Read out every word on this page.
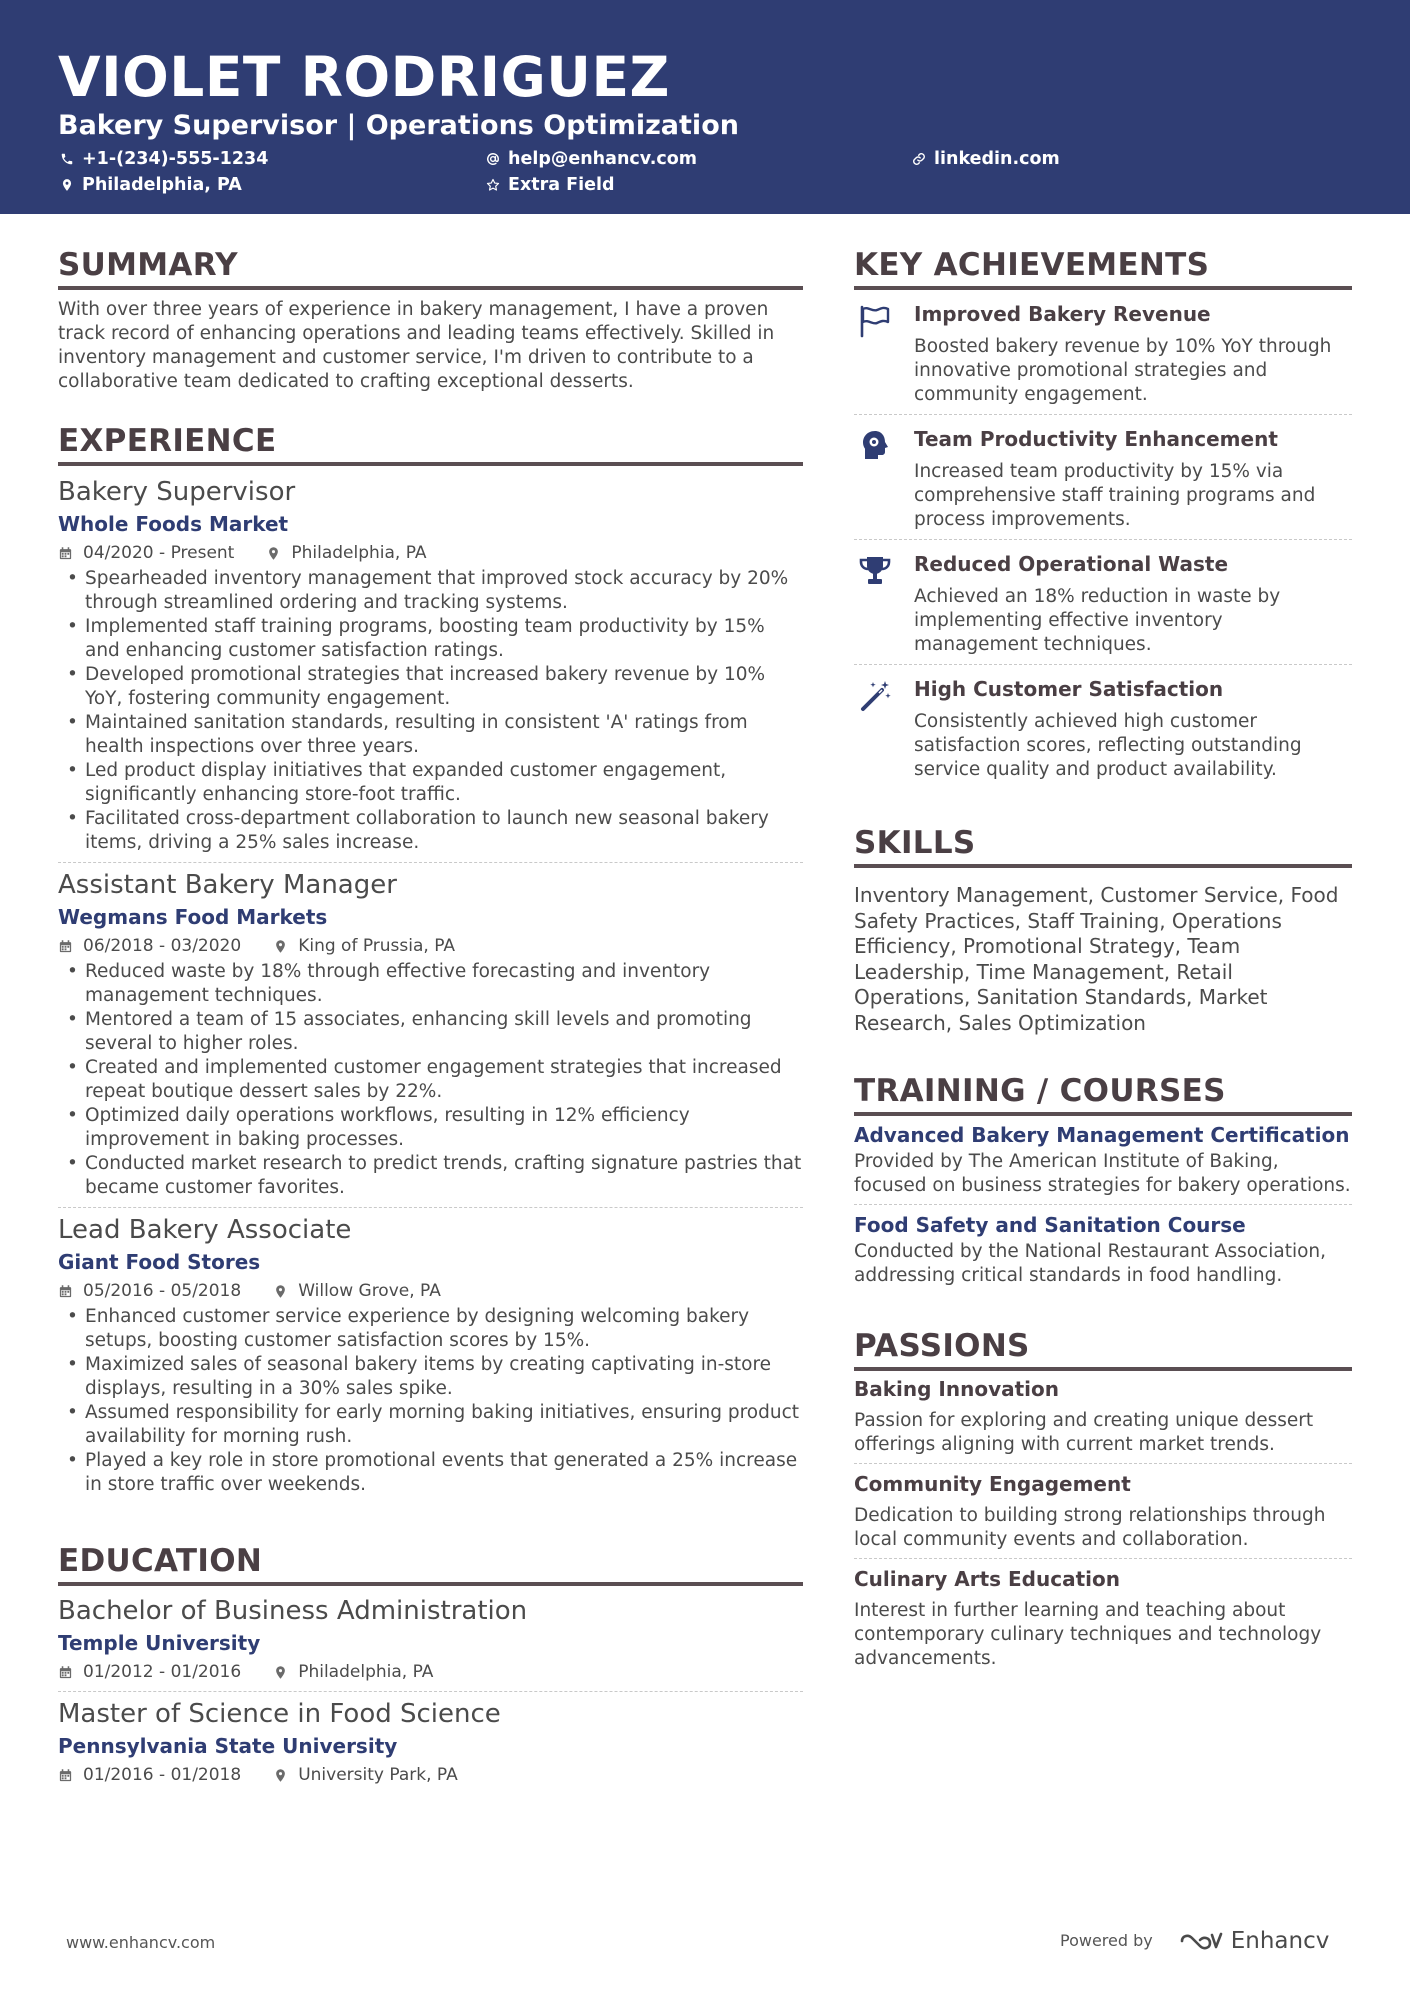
VIOLET RODRIGUEZ
Bakery Supervisor | Operations Optimization
+1-(234)-555-1234	help@enhancv.com	linkedin.com
Philadelphia, PA	Extra Field
SUMMARY
With over three years of experience in bakery management, I have a proven track record of enhancing operations and leading teams effectively. Skilled in inventory management and customer service, I'm driven to contribute to a collaborative team dedicated to crafting exceptional desserts.
EXPERIENCE
Bakery Supervisor
Whole Foods Market
04/2020 - Present	Philadelphia, PA
• Spearheaded inventory management that improved stock accuracy by 20% through streamlined ordering and tracking systems.
• Implemented staff training programs, boosting team productivity by 15% and enhancing customer satisfaction ratings.
• Developed promotional strategies that increased bakery revenue by 10% YoY, fostering community engagement.
• Maintained sanitation standards, resulting in consistent 'A' ratings from health inspections over three years.
• Led product display initiatives that expanded customer engagement, significantly enhancing store-foot traffic.
• Facilitated cross-department collaboration to launch new seasonal bakery items, driving a 25% sales increase.
Assistant Bakery Manager
Wegmans Food Markets
06/2018 - 03/2020	King of Prussia, PA
• Reduced waste by 18% through effective forecasting and inventory management techniques.
• Mentored a team of 15 associates, enhancing skill levels and promoting several to higher roles.
• Created and implemented customer engagement strategies that increased repeat boutique dessert sales by 22%.
• Optimized daily operations workflows, resulting in 12% efficiency improvement in baking processes.
• Conducted market research to predict trends, crafting signature pastries that became customer favorites.
Lead Bakery Associate
Giant Food Stores
05/2016 - 05/2018	Willow Grove, PA
• Enhanced customer service experience by designing welcoming bakery setups, boosting customer satisfaction scores by 15%.
• Maximized sales of seasonal bakery items by creating captivating in-store displays, resulting in a 30% sales spike.
• Assumed responsibility for early morning baking initiatives, ensuring product availability for morning rush.
• Played a key role in store promotional events that generated a 25% increase in store traffic over weekends.
EDUCATION
Bachelor of Business Administration
Temple University
01/2012 - 01/2016	Philadelphia, PA
Master of Science in Food Science
Pennsylvania State University
01/2016 - 01/2018	University Park, PA
KEY ACHIEVEMENTS
Improved Bakery Revenue
Boosted bakery revenue by 10% YoY through innovative promotional strategies and community engagement.
Team Productivity Enhancement
Increased team productivity by 15% via comprehensive staff training programs and process improvements.
Reduced Operational Waste
Achieved an 18% reduction in waste by implementing effective inventory management techniques.
High Customer Satisfaction
Consistently achieved high customer satisfaction scores, reflecting outstanding service quality and product availability.
SKILLS
Inventory Management, Customer Service, Food Safety Practices, Staff Training, Operations Efficiency, Promotional Strategy, Team Leadership, Time Management, Retail Operations, Sanitation Standards, Market Research, Sales Optimization
TRAINING / COURSES
Advanced Bakery Management Certification
Provided by The American Institute of Baking, focused on business strategies for bakery operations.
Food Safety and Sanitation Course
Conducted by the National Restaurant Association, addressing critical standards in food handling.
PASSIONS
Baking Innovation
Passion for exploring and creating unique dessert offerings aligning with current market trends.
Community Engagement
Dedication to building strong relationships through local community events and collaboration.
Culinary Arts Education
Interest in further learning and teaching about contemporary culinary techniques and technology advancements.
www.enhancv.com	Powered by	Enhancv
